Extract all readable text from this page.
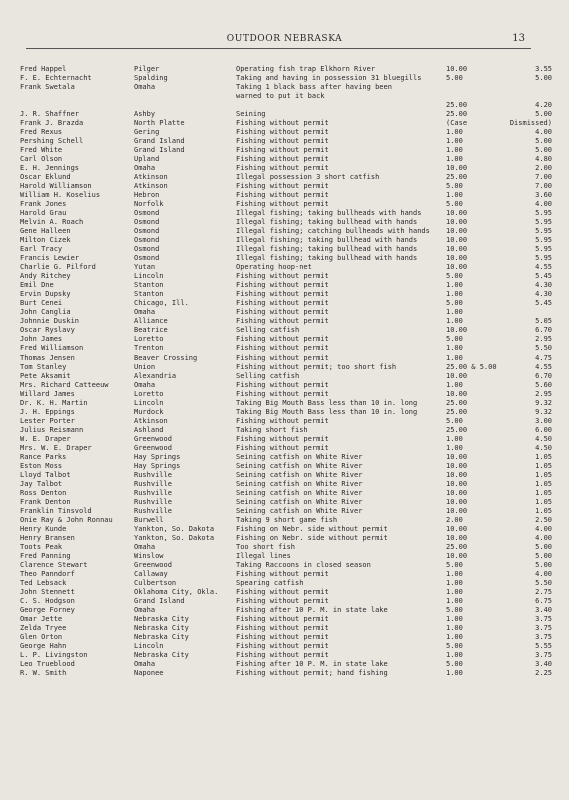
OUTDOOR NEBRASKA	13
Fred Happel	Pilger	Operating fish trap Elkhorn River	10.00	3.55
F. E. Echternacht	Spalding	Taking and having in possession 31 bluegills	5.00	5.00
Frank Swetala	Omaha	Taking 1 black bass after having been
warned to put it back
25.00	4.20
J. R. Shaffner	Ashby	Seining	25.00	5.00
Frank J. Brazda	North Platte	Fishing without permit	(Case	Dismissed)
Fred Rexus	Gering	Fishing without permit	1.00	4.00
Pershing Schell	Grand Island	Fishing without permit	1.00	5.00
Fred White	Grand Island	Fishing without permit	1.00	5.00
Carl Olson	Upland	Fishing without permit	1.00	4.80
E. H. Jennings	Omaha	Fishing without permit	10.00	2.00
Oscar Eklund	Atkinson	Illegal possession 3 short catfish	25.00	7.00
Harold Williamson	Atkinson	Fishing without permit	5.00	7.00
William H. Koselius	Hebron	Fishing without permit	1.00	3.60
Frank Jones	Norfolk	Fishing without permit	5.00	4.00
Harold Grau	Osmond	Illegal fishing; taking bullheads with hands	10.00	5.95
Melvin A. Roach	Osmond	Illegal fishing; taking bullhead with hands	10.00	5.95
Gene Halleen	Osmond	Illegal fishing; catching bullheads with hands	10.00	5.95
Milton Cizek	Osmond	Illegal fishing; taking bullhead with hands	10.00	5.95
Earl Tracy	Osmond	Illegal fishing; taking bullhead with hands	10.00	5.95
Francis Lewier	Osmond	Illegal fishing; taking bullhead with hands	10.00	5.95
Charlie G. Pilford	Yutan	Operating hoop-net	10.00	4.55
Andy Ritchey	Lincoln	Fishing without permit	5.00	5.45
Emil Dne	Stanton	Fishing without permit	1.00	4.30
Ervin Dupsky	Stanton	Fishing without permit	1.00	4.30
Burt Cenei	Chicago, Ill.	Fishing without permit	5.00	5.45
John Canglia	Omaha	Fishing without permit	1.00
Johnnie Duskin	Alliance	Fishing without permit	1.00	5.05
Oscar Ryslavy	Beatrice	Selling catfish	10.00	6.70
John James	Loretto	Fishing without permit	5.00	2.95
Fred Williamson	Trenton	Fishing without permit	1.00	5.50
Thomas Jensen	Beaver Crossing	Fishing without permit	1.00	4.75
Tom Stanley	Union	Fishing without permit; too short fish	25.00 & 5.00	4.55
Pete Aksamit	Alexandria	Selling catfish	10.00	6.70
Mrs. Richard Catteeuw	Omaha	Fishing without permit	1.00	5.60
Willard James	Loretto	Fishing without permit	10.00	2.95
Dr. K. H. Martin	Lincoln	Taking Big Mouth Bass less than 10 in. long	25.00	9.32
J. H. Eppings	Murdock	Taking Big Mouth Bass less than 10 in. long	25.00	9.32
Lester Porter	Atkinson	Fishing without permit	5.00	3.00
Julius Reismann	Ashland	Taking short fish	25.00	6.00
W. E. Draper	Greenwood	Fishing without permit	1.00	4.50
Mrs. W. E. Draper	Greenwood	Fishing without permit	1.00	4.50
Rance Parks	Hay Springs	Seining catfish on White River	10.00	1.05
Eston Moss	Hay Springs	Seining catfish on White River	10.00	1.05
Lloyd Talbot	Rushville	Seining catfish on White River	10.00	1.05
Jay Talbot	Rushville	Seining catfish on White River	10.00	1.05
Ross Denton	Rushville	Seining catfish on White River	10.00	1.05
Frank Denton	Rushville	Seining catfish on White River	10.00	1.05
Franklin Tinsvold	Rushville	Seining catfish on White River	10.00	1.05
Onie Ray & John Ronnau	Burwell	Taking 9 short game fish	2.00	2.50
Henry Kunde	Yankton, So. Dakota	Fishing on Nebr. side without permit	10.00	4.00
Henry Bransen	Yankton, So. Dakota	Fishing on Nebr. side without permit	10.00	4.00
Toots Peak	Omaha	Too short fish	25.00	5.00
Fred Panning	Winslow	Illegal lines	10.00	5.00
Clarence Stewart	Greenwood	Taking Raccoons in closed season	5.00	5.00
Theo Panndorf	Callaway	Fishing without permit	1.00	4.00
Ted Lebsack	Culbertson	Spearing catfish	1.00	5.50
John Stennett	Oklahoma City, Okla.	Fishing without permit	1.00	2.75
C. S. Hodgson	Grand Island	Fishing without permit	1.00	6.75
George Forney	Omaha	Fishing after 10 P. M. in state lake	5.00	3.40
Omar Jette	Nebraska City	Fishing without permit	1.00	3.75
Zelda Tryee	Nebraska City	Fishing without permit	1.00	3.75
Glen Orton	Nebraska City	Fishing without permit	1.00	3.75
George Hahn	Lincoln	Fishing without permit	5.00	5.55
L. P. Livingston	Nebraska City	Fishing without permit	1.00	3.75
Leo Trueblood	Omaha	Fishing after 10 P. M. in state lake	5.00	3.40
R. W. Smith	Naponee	Fishing without permit; hand fishing	1.00	2.25
